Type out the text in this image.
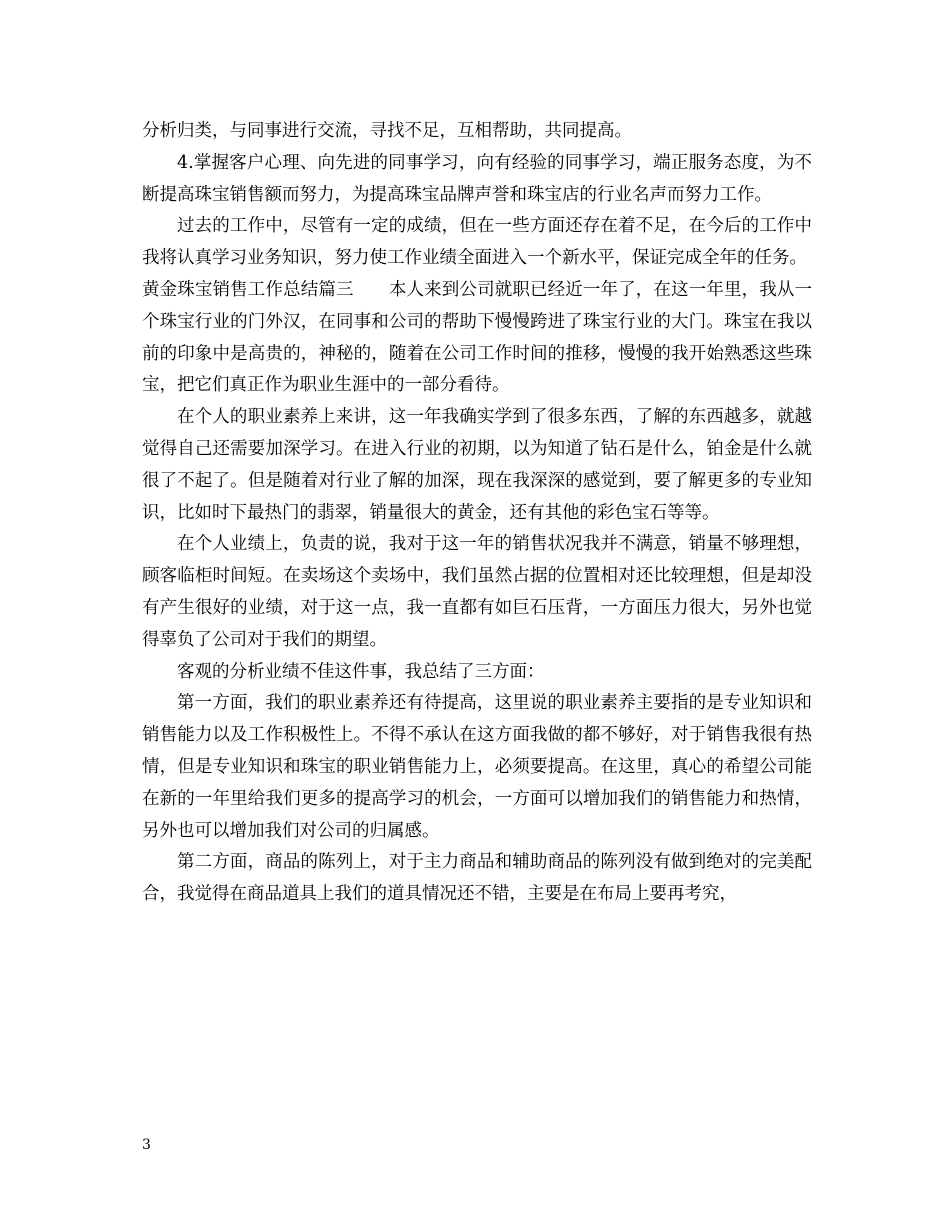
分析归类，与同事进行交流，寻找不足，互相帮助，共同提高。

4.掌握客户心理、向先进的同事学习，向有经验的同事学习，端正服务态度，为不断提高珠宝销售额而努力，为提高珠宝品牌声誉和珠宝店的行业名声而努力工作。

过去的工作中，尽管有一定的成绩，但在一些方面还存在着不足，在今后的工作中我将认真学习业务知识，努力使工作业绩全面进入一个新水平，保证完成全年的任务。

黄金珠宝销售工作总结篇三　　本人来到公司就职已经近一年了，在这一年里，我从一个珠宝行业的门外汉，在同事和公司的帮助下慢慢跨进了珠宝行业的大门。珠宝在我以前的印象中是高贵的，神秘的，随着在公司工作时间的推移，慢慢的我开始熟悉这些珠宝，把它们真正作为职业生涯中的一部分看待。

在个人的职业素养上来讲，这一年我确实学到了很多东西，了解的东西越多，就越觉得自己还需要加深学习。在进入行业的初期，以为知道了钻石是什么，铂金是什么就很了不起了。但是随着对行业了解的加深，现在我深深的感觉到，要了解更多的专业知识，比如时下最热门的翡翠，销量很大的黄金，还有其他的彩色宝石等等。

在个人业绩上，负责的说，我对于这一年的销售状况我并不满意，销量不够理想，顾客临柜时间短。在卖场这个卖场中，我们虽然占据的位置相对还比较理想，但是却没有产生很好的业绩，对于这一点，我一直都有如巨石压背，一方面压力很大，另外也觉得辜负了公司对于我们的期望。

客观的分析业绩不佳这件事，我总结了三方面：

第一方面，我们的职业素养还有待提高，这里说的职业素养主要指的是专业知识和销售能力以及工作积极性上。不得不承认在这方面我做的都不够好，对于销售我很有热情，但是专业知识和珠宝的职业销售能力上，必须要提高。在这里，真心的希望公司能在新的一年里给我们更多的提高学习的机会，一方面可以增加我们的销售能力和热情，另外也可以增加我们对公司的归属感。

第二方面，商品的陈列上，对于主力商品和辅助商品的陈列没有做到绝对的完美配合，我觉得在商品道具上我们的道具情况还不错，主要是在布局上要再考究，

3
